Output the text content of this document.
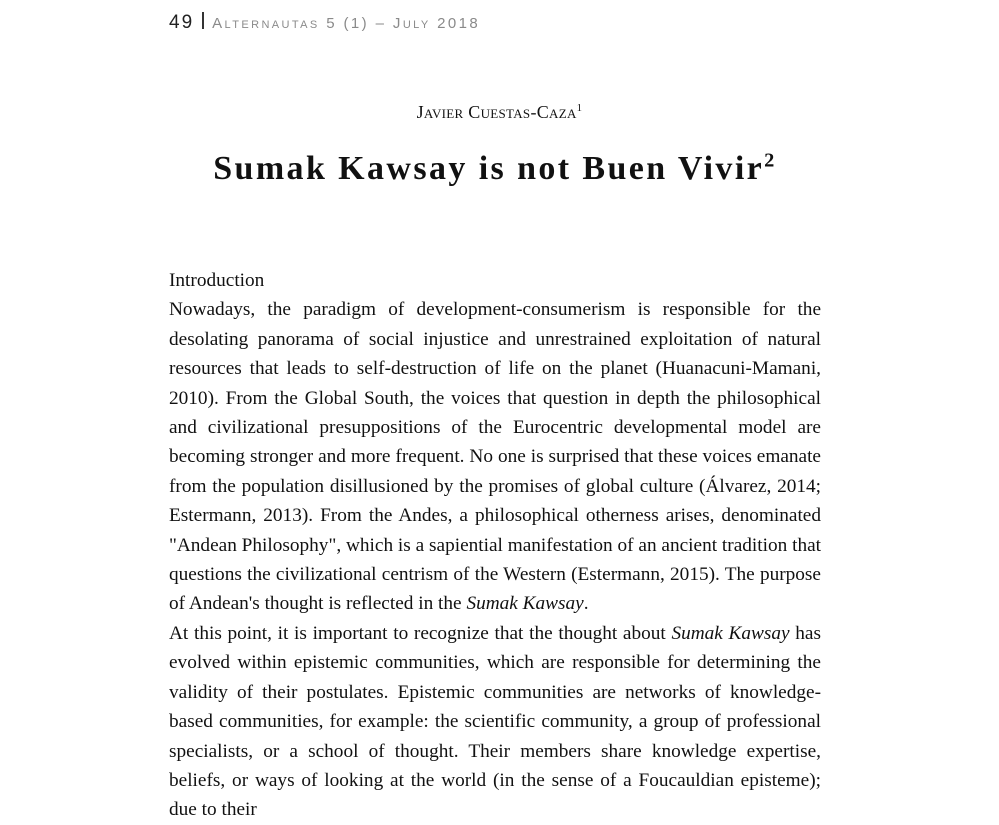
49 Alternautas 5 (1) – July 2018
Javier Cuestas-Caza$^1$
Sumak Kawsay is not Buen Vivir$^2$
Introduction

Nowadays, the paradigm of development-consumerism is responsible for the desolating panorama of social injustice and unrestrained exploitation of natural resources that leads to self-destruction of life on the planet (Huanacuni-Mamani, 2010). From the Global South, the voices that question in depth the philosophical and civilizational presuppositions of the Eurocentric developmental model are becoming stronger and more frequent. No one is surprised that these voices emanate from the population disillusioned by the promises of global culture (Álvarez, 2014; Estermann, 2013). From the Andes, a philosophical otherness arises, denominated "Andean Philosophy", which is a sapiential manifestation of an ancient tradition that questions the civilizational centrism of the Western (Estermann, 2015). The purpose of Andean's thought is reflected in the Sumak Kawsay.

At this point, it is important to recognize that the thought about Sumak Kawsay has evolved within epistemic communities, which are responsible for determining the validity of their postulates. Epistemic communities are networks of knowledge-based communities, for example: the scientific community, a group of professional specialists, or a school of thought. Their members share knowledge expertise, beliefs, or ways of looking at the world (in the sense of a Foucauldian episteme); due to their
